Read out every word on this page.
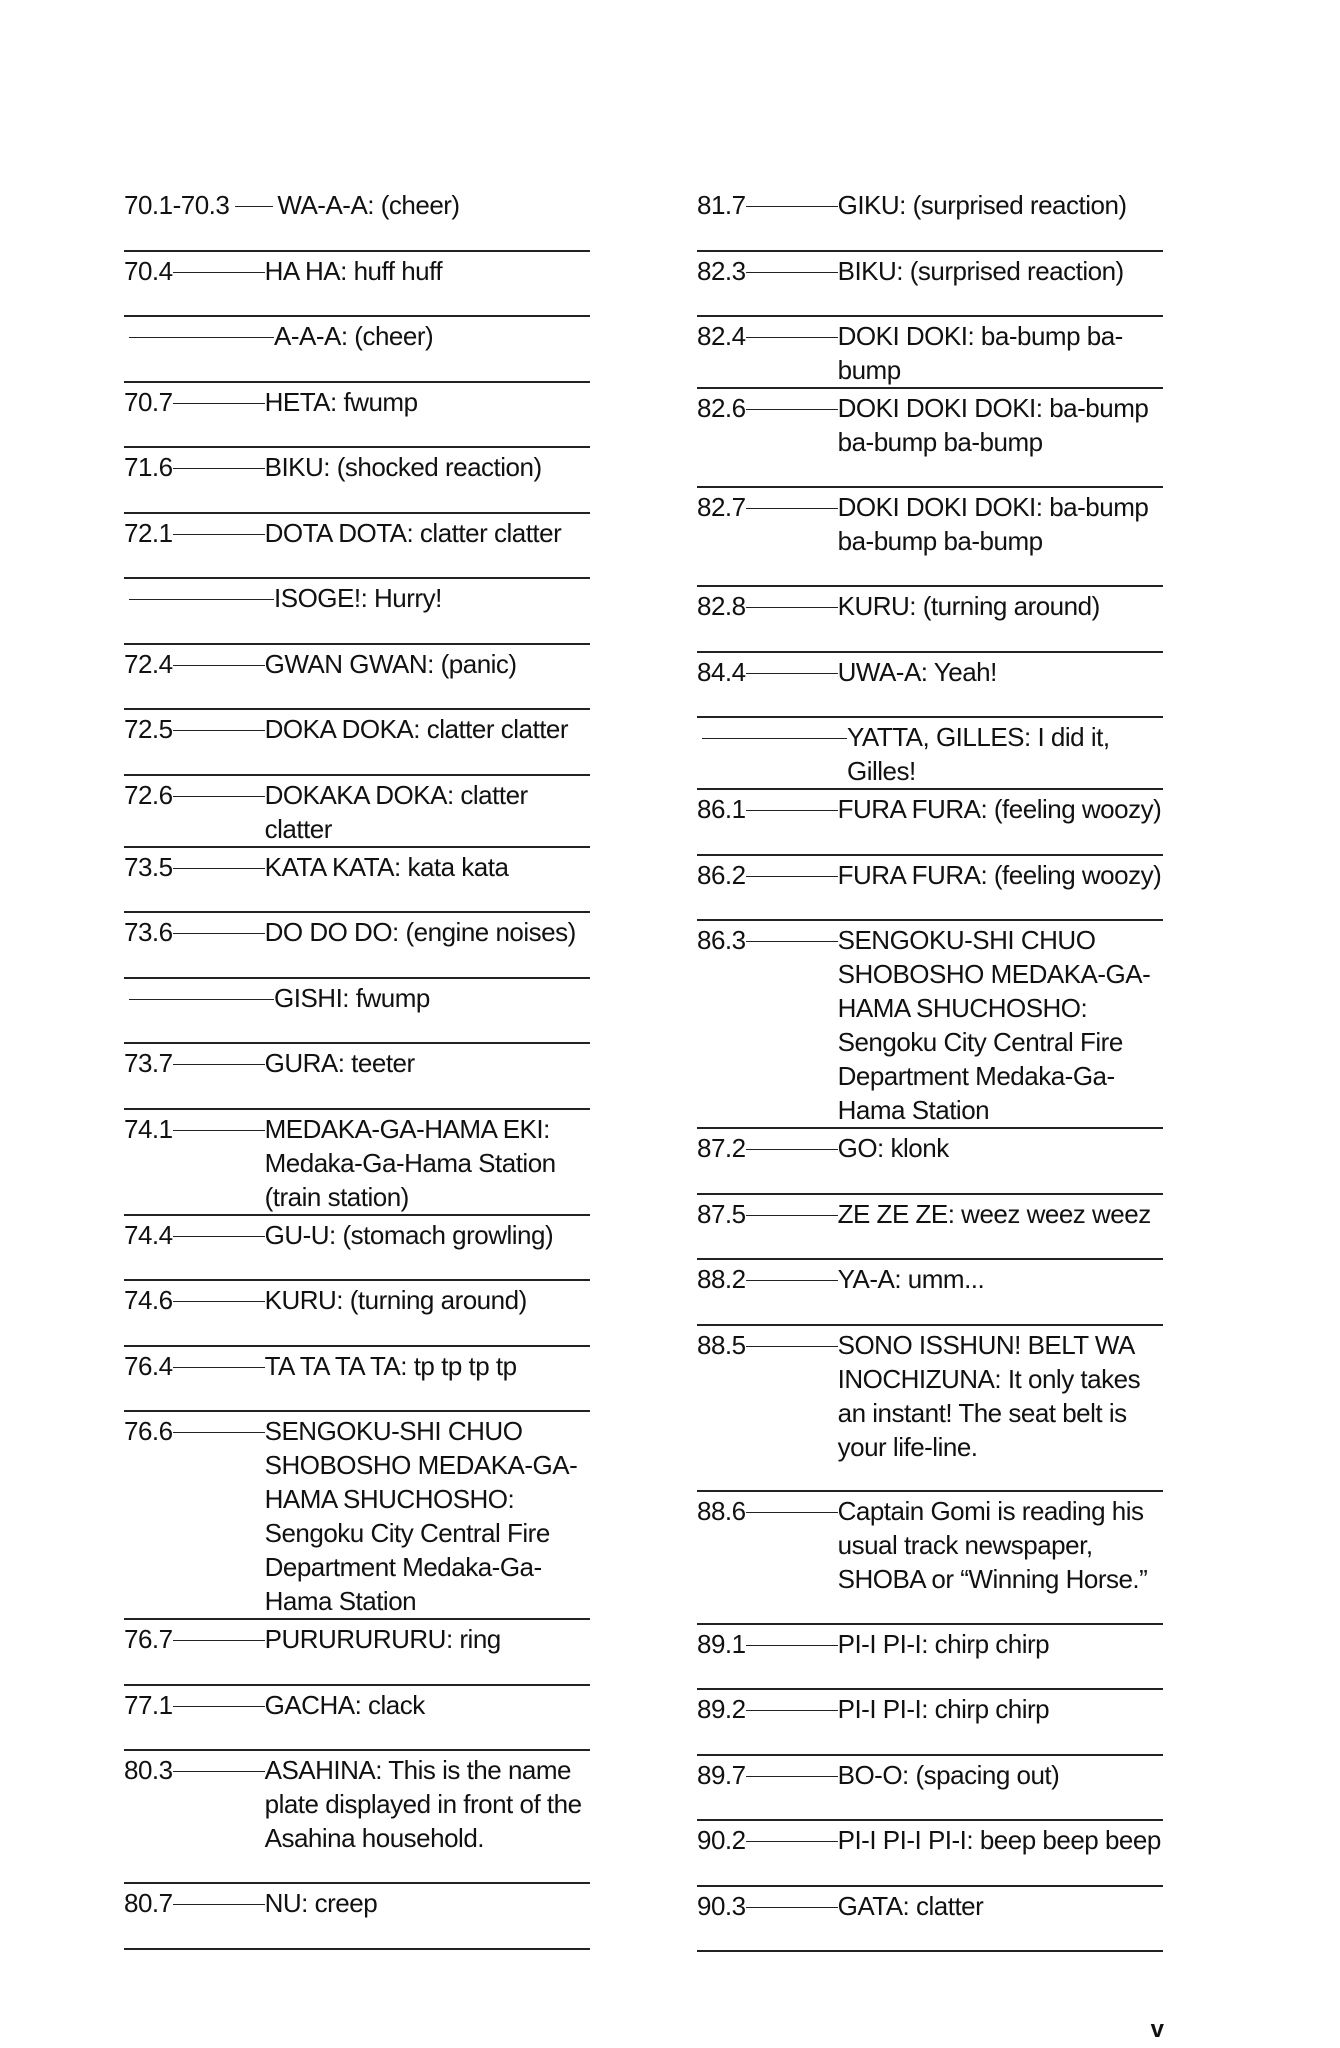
70.1-70.3 WA-A-A: (cheer)
70.4	HA HA: huff huff
A-A-A: (cheer)
70.7	HETA: fwump
71.6	BIKU: (shocked reaction)
72.1	DOTA DOTA: clatter clatter
ISOGE!: Hurry!
72.4	GWAN GWAN: (panic)
72.5	DOKA DOKA: clatter clatter
72.6	DOKAKA DOKA: clatter clatter
73.5	KATA KATA: kata kata
73.6	DO DO DO: (engine noises)
GISHI: fwump
73.7	GURA: teeter
74.1	MEDAKA-GA-HAMA EKI: Medaka-Ga-Hama Station (train station)
74.4	GU-U: (stomach growling)
74.6	KURU: (turning around)
76.4	TA TA TA TA: tp tp tp tp
76.6	SENGOKU-SHI CHUO SHOBOSHO MEDAKA-GA-HAMA SHUCHOSHO: Sengoku City Central Fire Department Medaka-Ga-Hama Station
76.7	PURURURURU: ring
77.1	GACHA: clack
80.3	ASAHINA: This is the name plate displayed in front of the Asahina household.
80.7	NU: creep
81.7	GIKU: (surprised reaction)
82.3	BIKU: (surprised reaction)
82.4	DOKI DOKI: ba-bump ba-bump
82.6	DOKI DOKI DOKI: ba-bump ba-bump ba-bump
82.7	DOKI DOKI DOKI: ba-bump ba-bump ba-bump
82.8	KURU: (turning around)
84.4	UWA-A: Yeah!
YATTA, GILLES: I did it, Gilles!
86.1	FURA FURA: (feeling woozy)
86.2	FURA FURA: (feeling woozy)
86.3	SENGOKU-SHI CHUO SHOBOSHO MEDAKA-GA-HAMA SHUCHOSHO: Sengoku City Central Fire Department Medaka-Ga-Hama Station
87.2	GO: klonk
87.5	ZE ZE ZE: weez weez weez
88.2	YA-A: umm...
88.5	SONO ISSHUN! BELT WA INOCHIZUNA: It only takes an instant! The seat belt is your life-line.
88.6	Captain Gomi is reading his usual track newspaper, SHOBA or “Winning Horse.”
89.1	PI-I PI-I: chirp chirp
89.2	PI-I PI-I: chirp chirp
89.7	BO-O: (spacing out)
90.2	PI-I PI-I PI-I: beep beep beep
90.3	GATA: clatter
v
